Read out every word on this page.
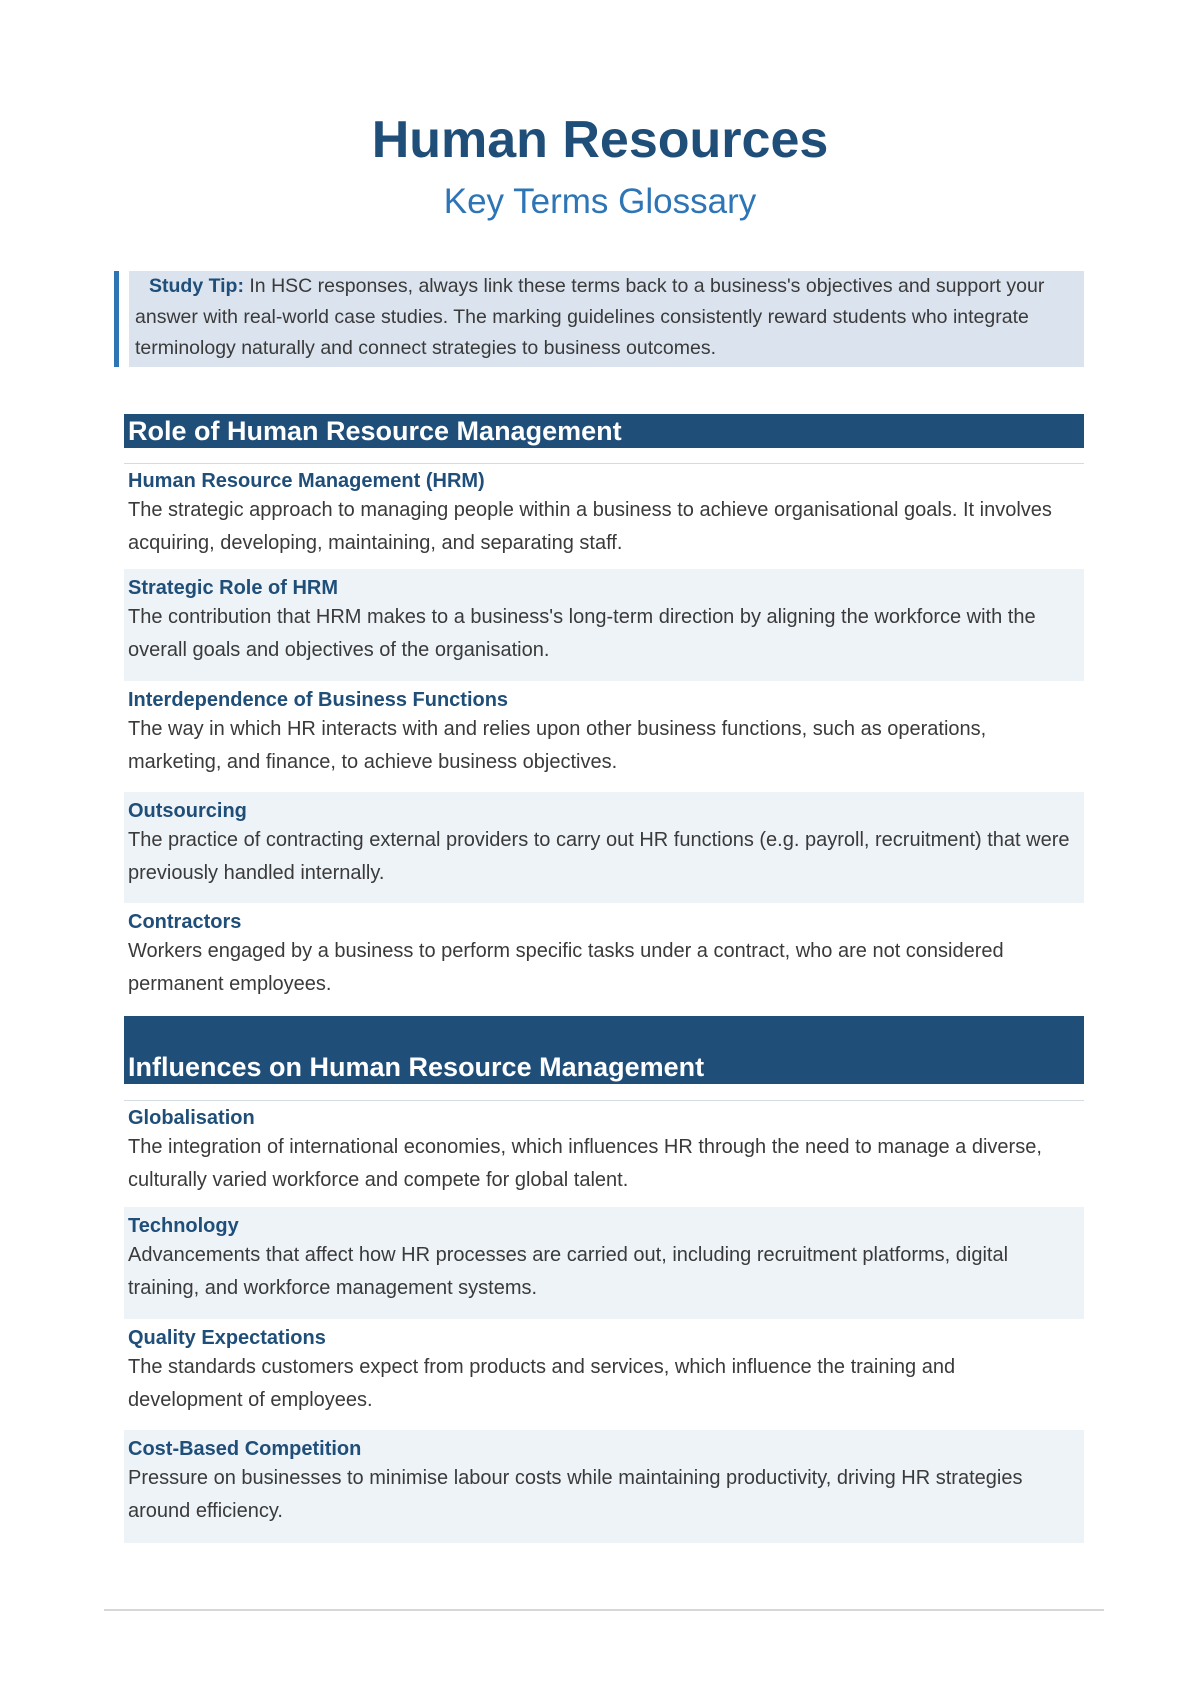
Human Resources
Key Terms Glossary
Study Tip: In HSC responses, always link these terms back to a business's objectives and support your answer with real-world case studies. The marking guidelines consistently reward students who integrate terminology naturally and connect strategies to business outcomes.
Role of Human Resource Management
Human Resource Management (HRM)
The strategic approach to managing people within a business to achieve organisational goals. It involves acquiring, developing, maintaining, and separating staff.
Strategic Role of HRM
The contribution that HRM makes to a business's long-term direction by aligning the workforce with the overall goals and objectives of the organisation.
Interdependence of Business Functions
The way in which HR interacts with and relies upon other business functions, such as operations, marketing, and finance, to achieve business objectives.
Outsourcing
The practice of contracting external providers to carry out HR functions (e.g. payroll, recruitment) that were previously handled internally.
Contractors
Workers engaged by a business to perform specific tasks under a contract, who are not considered permanent employees.
Influences on Human Resource Management
Globalisation
The integration of international economies, which influences HR through the need to manage a diverse, culturally varied workforce and compete for global talent.
Technology
Advancements that affect how HR processes are carried out, including recruitment platforms, digital training, and workforce management systems.
Quality Expectations
The standards customers expect from products and services, which influence the training and development of employees.
Cost-Based Competition
Pressure on businesses to minimise labour costs while maintaining productivity, driving HR strategies around efficiency.
